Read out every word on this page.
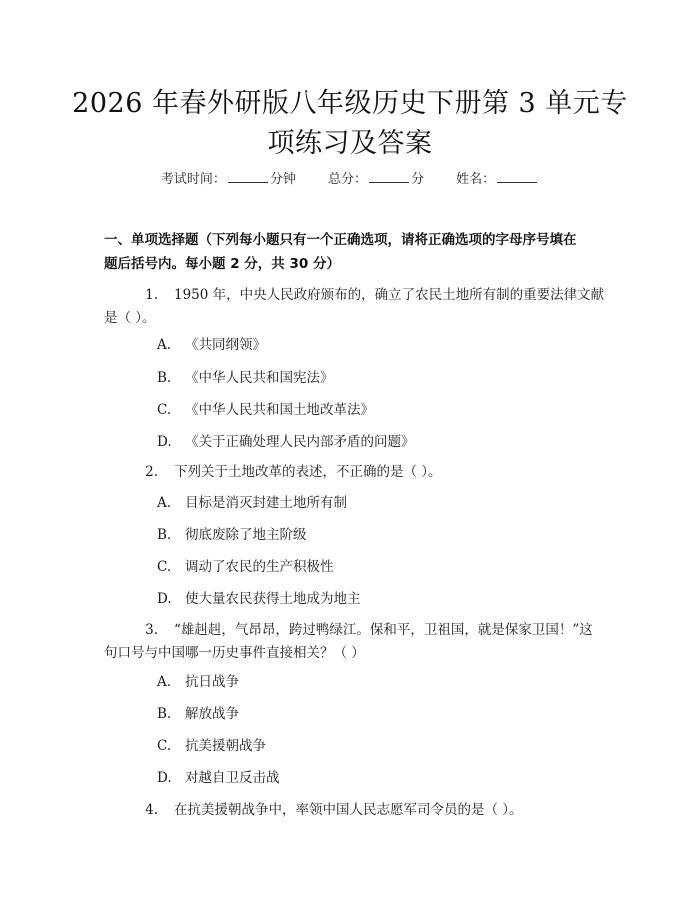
2026 年春外研版八年级历史下册第 3 单元专
项练习及答案
考试时间：	分钟 总分：	分 姓名：
一、单项选择题（下列每小题只有一个正确选项，请将正确选项的字母序号填在
题后括号内。每小题 2 分，共 30 分）
1. 1950 年，中央人民政府颁布的，确立了农民土地所有制的重要法律文献
是（ ）。
A. 《共同纲领》
B. 《中华人民共和国宪法》
C. 《中华人民共和国土地改革法》
D. 《关于正确处理人民内部矛盾的问题》
2. 下列关于土地改革的表述，不正确的是（ ）。
A. 目标是消灭封建土地所有制
B. 彻底废除了地主阶级
C. 调动了农民的生产积极性
D. 使大量农民获得土地成为地主
3. “雄赳赳，气昂昂，跨过鸭绿江。保和平，卫祖国，就是保家卫国！”这
句口号与中国哪一历史事件直接相关？（ ）
A. 抗日战争
B. 解放战争
C. 抗美援朝战争
D. 对越自卫反击战
4. 在抗美援朝战争中，率领中国人民志愿军司令员的是（ ）。
